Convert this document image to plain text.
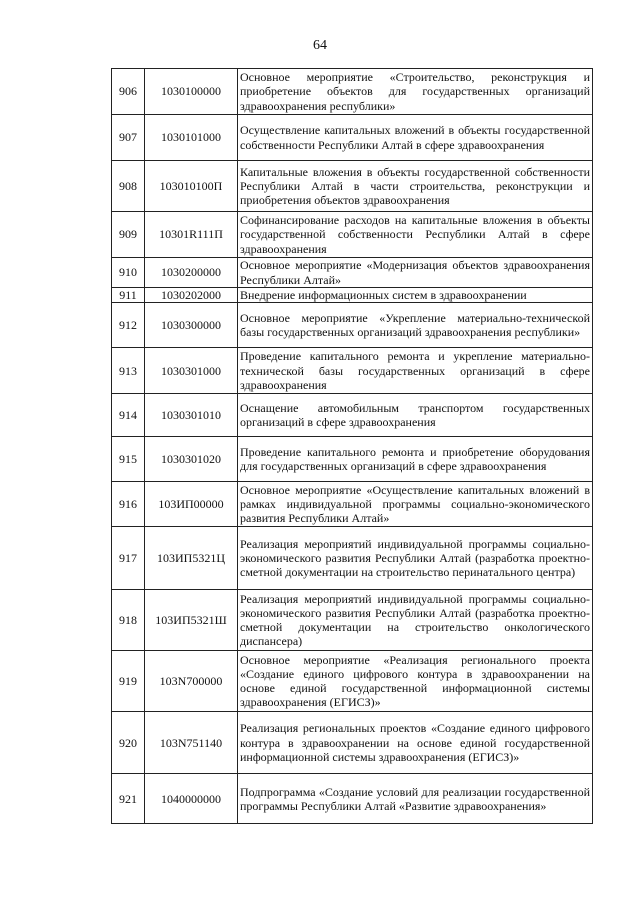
64
906	1030100000	Основное мероприятие «Строительство, реконструкция и приобретение объектов для государственных организаций здравоохранения республики»
907	1030101000	Осуществление капитальных вложений в объекты государственной собственности Республики Алтай в сфере здравоохранения
908	103010100П	Капитальные вложения в объекты государственной собственности Республики Алтай в части строительства, реконструкции и приобретения объектов здравоохранения
909	10301R111П	Софинансирование расходов на капитальные вложения в объекты государственной собственности Республики Алтай в сфере здравоохранения
910	1030200000	Основное мероприятие «Модернизация объектов здравоохранения Республики Алтай»
911	1030202000	Внедрение информационных систем в здравоохранении
912	1030300000	Основное мероприятие «Укрепление материально-технической базы государственных организаций здравоохранения республики»
913	1030301000	Проведение капитального ремонта и укрепление материально-технической базы государственных организаций в сфере здравоохранения
914	1030301010	Оснащение автомобильным транспортом государственных организаций в сфере здравоохранения
915	1030301020	Проведение капитального ремонта и приобретение оборудования для государственных организаций в сфере здравоохранения
916	103ИП00000	Основное мероприятие «Осуществление капитальных вложений в рамках индивидуальной программы социально-экономического развития Республики Алтай»
917	103ИП5321Ц	Реализация мероприятий индивидуальной программы социально-экономического развития Республики Алтай (разработка проектно-сметной документации на строительство перинатального центра)
918	103ИП5321Ш	Реализация мероприятий индивидуальной программы социально-экономического развития Республики Алтай (разработка проектно-сметной документации на строительство онкологического диспансера)
919	103N700000	Основное мероприятие «Реализация регионального проекта «Создание единого цифрового контура в здравоохранении на основе единой государственной информационной системы здравоохранения (ЕГИСЗ)»
920	103N751140	Реализация региональных проектов «Создание единого цифрового контура в здравоохранении на основе единой государственной информационной системы здравоохранения (ЕГИСЗ)»
921	1040000000	Подпрограмма «Создание условий для реализации государственной программы Республики Алтай «Развитие здравоохранения»
